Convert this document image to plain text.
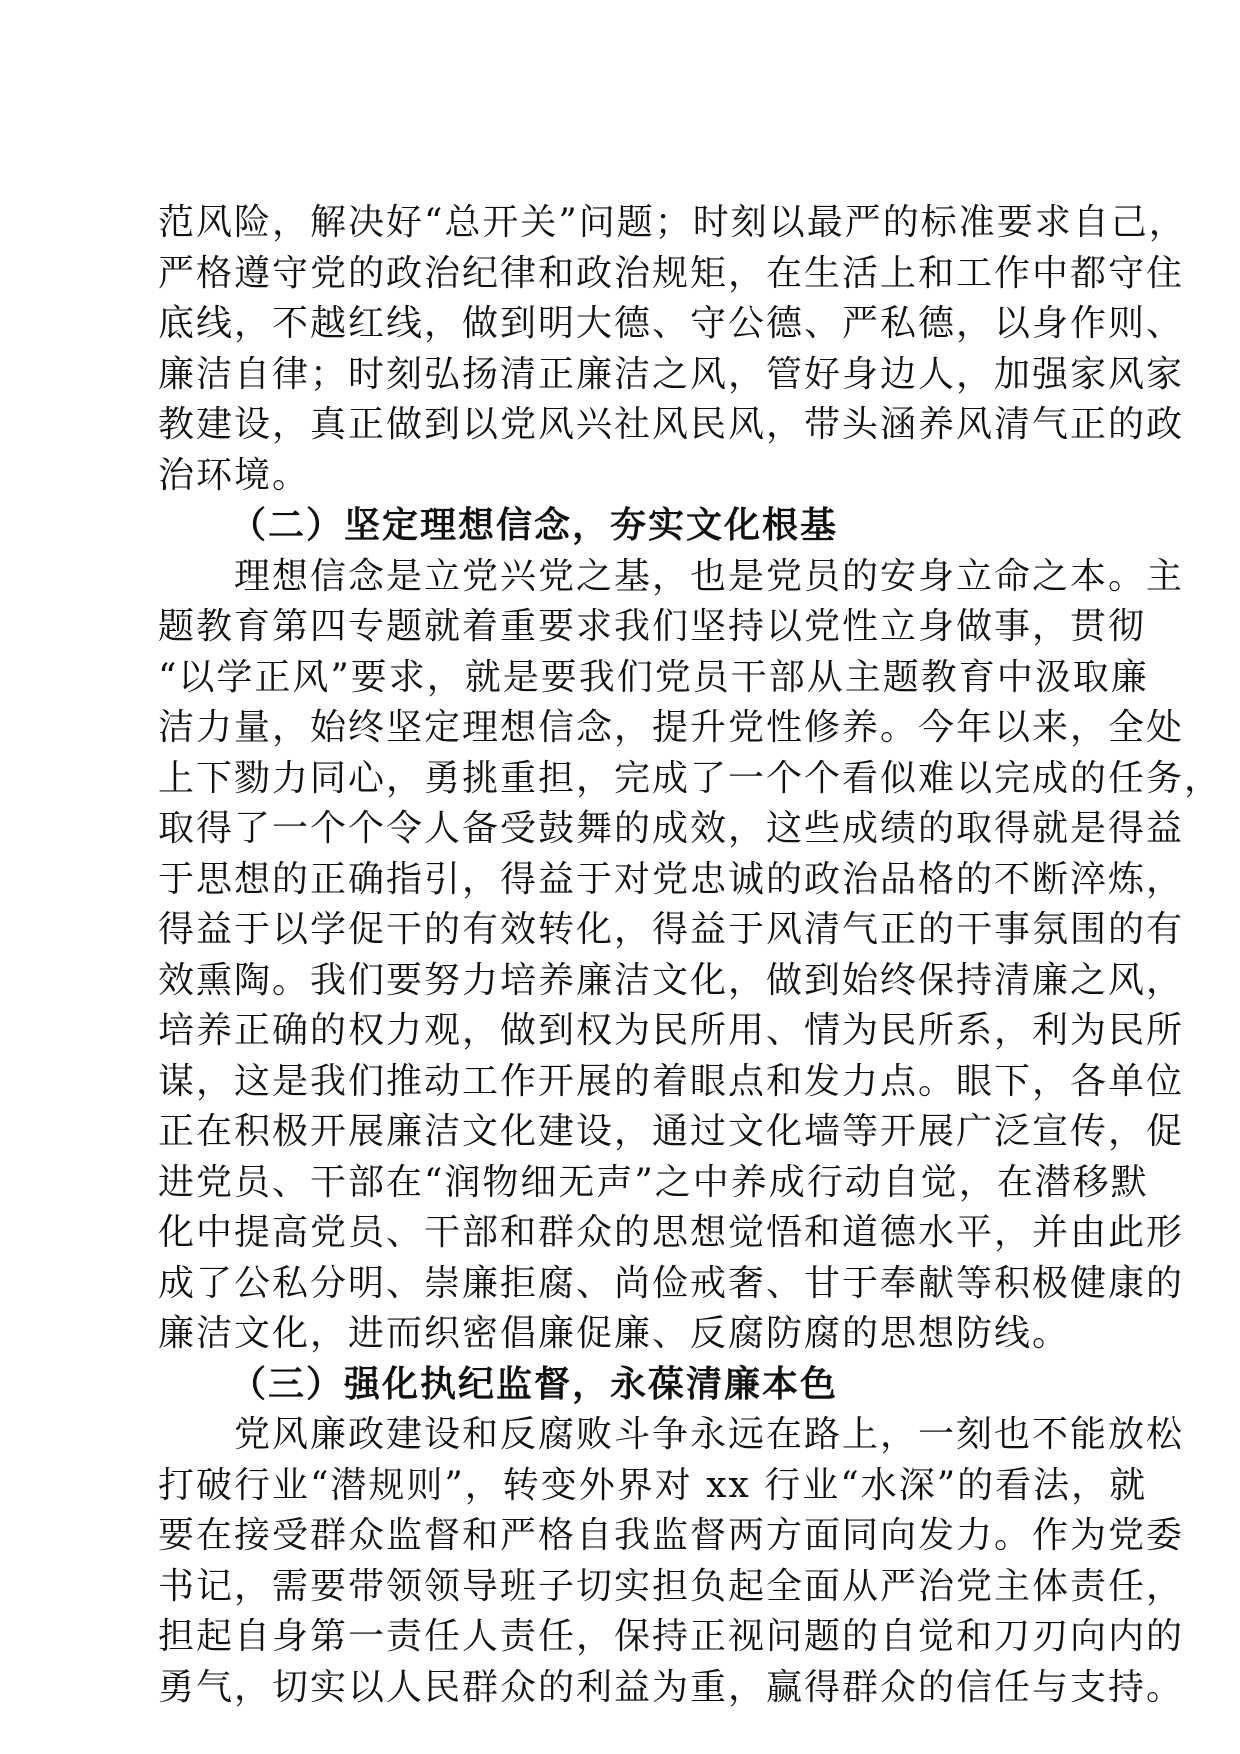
范风险，解决好“总开关”问题；时刻以最严的标准要求自己，
严格遵守党的政治纪律和政治规矩，在生活上和工作中都守住
底线，不越红线，做到明大德、守公德、严私德，以身作则、
廉洁自律；时刻弘扬清正廉洁之风，管好身边人，加强家风家
教建设，真正做到以党风兴社风民风，带头涵养风清气正的政
治环境。
（二）坚定理想信念，夯实文化根基
　　理想信念是立党兴党之基，也是党员的安身立命之本。主
题教育第四专题就着重要求我们坚持以党性立身做事，贯彻
“以学正风”要求，就是要我们党员干部从主题教育中汲取廉
洁力量，始终坚定理想信念，提升党性修养。今年以来，全处
上下勠力同心，勇挑重担，完成了一个个看似难以完成的任务，
取得了一个个令人备受鼓舞的成效，这些成绩的取得就是得益
于思想的正确指引，得益于对党忠诚的政治品格的不断淬炼，
得益于以学促干的有效转化，得益于风清气正的干事氛围的有
效熏陶。我们要努力培养廉洁文化，做到始终保持清廉之风，
培养正确的权力观，做到权为民所用、情为民所系，利为民所
谋，这是我们推动工作开展的着眼点和发力点。眼下，各单位
正在积极开展廉洁文化建设，通过文化墙等开展广泛宣传，促
进党员、干部在“润物细无声”之中养成行动自觉，在潜移默
化中提高党员、干部和群众的思想觉悟和道德水平，并由此形
成了公私分明、崇廉拒腐、尚俭戒奢、甘于奉献等积极健康的
廉洁文化，进而织密倡廉促廉、反腐防腐的思想防线。
（三）强化执纪监督，永葆清廉本色
　　党风廉政建设和反腐败斗争永远在路上，一刻也不能放松
打破行业“潜规则”，转变外界对 xx 行业“水深”的看法，就
要在接受群众监督和严格自我监督两方面同向发力。作为党委
书记，需要带领领导班子切实担负起全面从严治党主体责任，
担起自身第一责任人责任，保持正视问题的自觉和刀刃向内的
勇气，切实以人民群众的利益为重，赢得群众的信任与支持。
